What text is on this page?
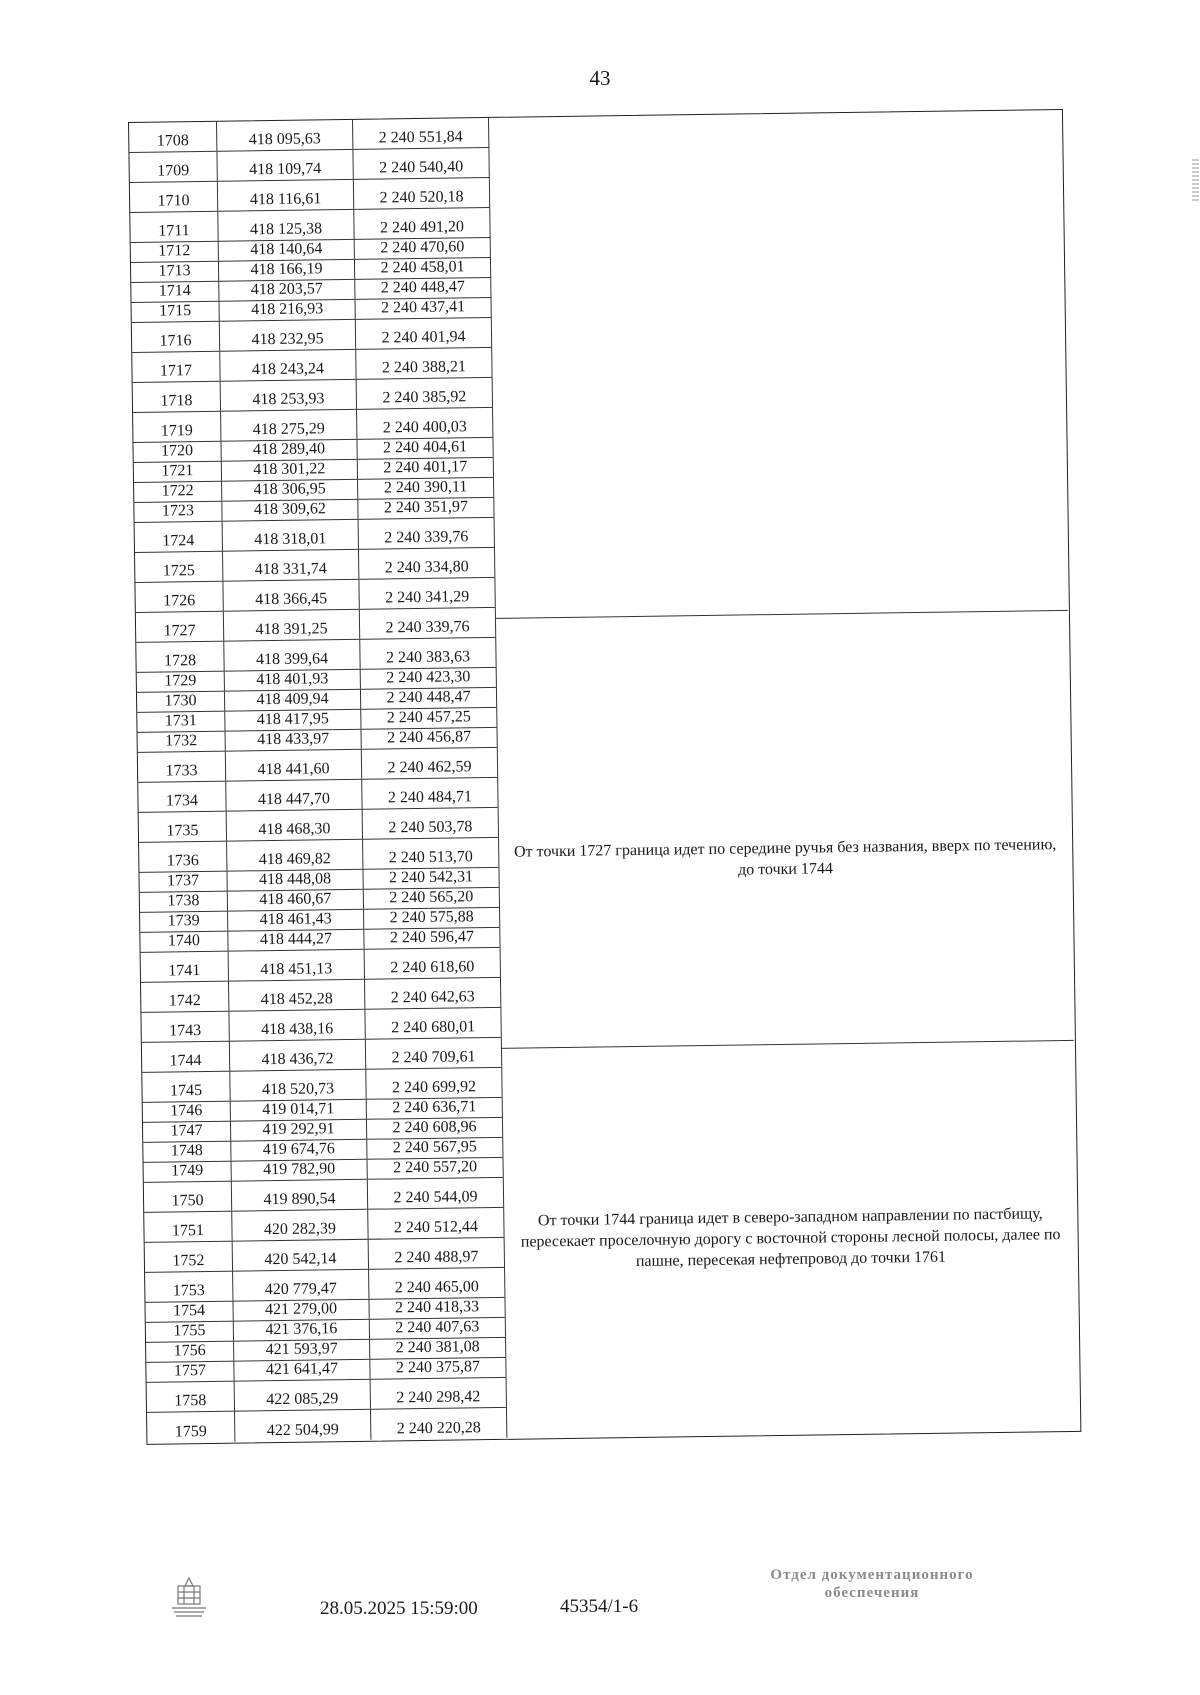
43
1708	418 095,63	2 240 551,84
1709	418 109,74	2 240 540,40
1710	418 116,61	2 240 520,18
1711	418 125,38	2 240 491,20
1712	418 140,64	2 240 470,60
1713	418 166,19	2 240 458,01
1714	418 203,57	2 240 448,47
1715	418 216,93	2 240 437,41
1716	418 232,95	2 240 401,94
1717	418 243,24	2 240 388,21
1718	418 253,93	2 240 385,92
1719	418 275,29	2 240 400,03
1720	418 289,40	2 240 404,61
1721	418 301,22	2 240 401,17
1722	418 306,95	2 240 390,11
1723	418 309,62	2 240 351,97
1724	418 318,01	2 240 339,76
1725	418 331,74	2 240 334,80
1726	418 366,45	2 240 341,29
1727	418 391,25	2 240 339,76
1728	418 399,64	2 240 383,63
1729	418 401,93	2 240 423,30
1730	418 409,94	2 240 448,47
1731	418 417,95	2 240 457,25
1732	418 433,97	2 240 456,87
1733	418 441,60	2 240 462,59
1734	418 447,70	2 240 484,71
1735	418 468,30	2 240 503,78
1736	418 469,82	2 240 513,70
1737	418 448,08	2 240 542,31
1738	418 460,67	2 240 565,20
1739	418 461,43	2 240 575,88
1740	418 444,27	2 240 596,47
1741	418 451,13	2 240 618,60
1742	418 452,28	2 240 642,63
1743	418 438,16	2 240 680,01
1744	418 436,72	2 240 709,61
1745	418 520,73	2 240 699,92
1746	419 014,71	2 240 636,71
1747	419 292,91	2 240 608,96
1748	419 674,76	2 240 567,95
1749	419 782,90	2 240 557,20
1750	419 890,54	2 240 544,09
1751	420 282,39	2 240 512,44
1752	420 542,14	2 240 488,97
1753	420 779,47	2 240 465,00
1754	421 279,00	2 240 418,33
1755	421 376,16	2 240 407,63
1756	421 593,97	2 240 381,08
1757	421 641,47	2 240 375,87
1758	422 085,29	2 240 298,42
1759	422 504,99	2 240 220,28
От точки 1727 граница идет по середине ручья без названия, вверх по течению, до точки 1744
От точки 1744 граница идет в северо-западном направлении по пастбищу, пересекает проселочную дорогу с восточной стороны лесной полосы, далее по пашне, пересекая нефтепровод до точки 1761
28.05.2025 15:59:00	45354/1-6
Отдел документационного
обеспечения
